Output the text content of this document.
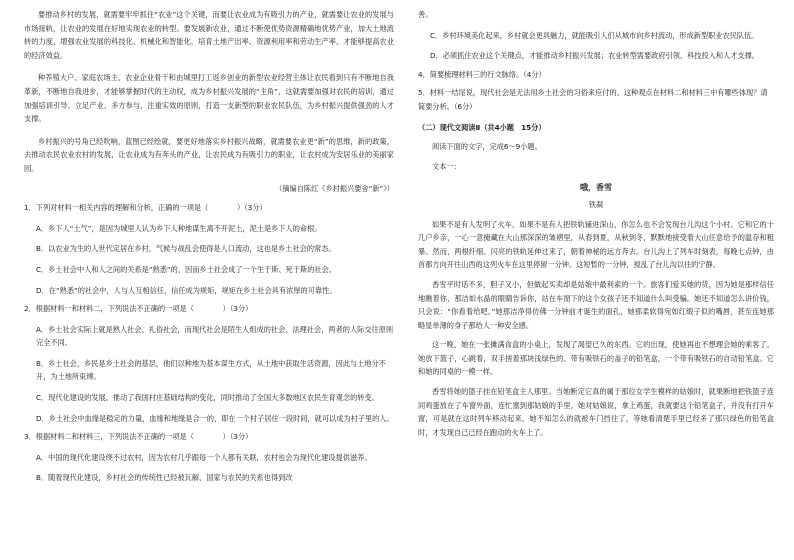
要推动乡村的发展，就需要牢牢抓住“农业”这个关键，而要让农业成为有吸引力的产业，就需要让农业的发展与市场接轨，让农业的发展在好地实现农业的转型。要发展新农业，通过不断使优势资源精确地优势产业，加大土地流转的力度，增强农业发展的科技化、机械化和智能化，培育土地产出率、资源利用率和劳动生产率，才能够提高农业的经济效益。

种养殖大户、家庭农场主、农业企业骨干和由城里打工返乡创业的新型农业经营主体让农民看到只有不断地自我革新，不断地自我进步，才能够掌握时代的主动权，成为乡村振兴发展的“主角”，这就需要加强对农民的培训，通过加强培训引导、立足产业、多方参与，注重实效的原则，打造一支新型的职业农民队伍，为乡村振兴提供强劲的人才支撑。

乡村振兴的号角已经吹响，蓝图已经绘就，要更好地落实乡村振兴战略，就需要农业更“新”的思维，新的政策，去推动农民农业农村的发展，让农业成为有奔头的产业，让农民成为有吸引力的职业，让农村成为安居乐业的美丽家园。

（摘编自陈红《乡村振兴要舍“新”》）

1．下列对材料一相关内容的理解和分析，正确的一项是（　　　　）（3分）

A．乡下人“土气”，是因为城里人认为乡下人种地谋生离不开泥土，泥土是乡下人的命根。

B．以农业为生的人世代定居在乡村，气候与战乱会使得是人口流动，这也是乡土社会的常态。

C．乡土社会中人和人之间的关系是“熟悉”的，因而乡土社会成了一个生于斯、死于斯的社会。

D．在“熟悉”的社会中，人与人互相信任，信任成为规矩，规矩在乡土社会具有浓厚的可靠性。

2．根据材料一和材料二，下列说法不正确的一项是（　　　　）（3分）

A．乡土社会实际上就是熟人社会、礼俗社会，而现代社会是陌生人组成的社会、法理社会，两者的人际交往原则完全不同。

B．乡土社会，乡民是乡土社会的基层，他们以种地为基本谋生方式，从土地中获取生活资源，因此与土地分不开，为土地所束缚。

C．现代化建设的发展，推动了我国村庄基础结构的变化，同时推动了全国大多数地区农民生育观念的转变。

D．乡土社会中血缘是稳定的力量，血缘和地缘是合一的，即在一个村子居住一段时间，就可以成为村子里的人。

3．根据材料二和材料三，下列说法不正确的一项是（　　　　）（3分）

A．中国的现代化建设绕不过农村，因为农村几乎跟每一个人都有关联，农村也会为现代化建设提供滋养。

B．随着现代化建设，乡村社会的传统性已经被瓦解，国家与农民的关系也得到改

善。

C．乡村环境美化起来，乡村就会更具魅力，就能吸引人们从城市向乡村流动，形成新型职业农民队伍。

D．必须抓住农业这个关键点，才能推动乡村振兴发展；农业转型需要政府引领、科技投入和人才支撑。

4．简要梳理材料三的行文脉络。（4分）

5．材料一结尾说，现代社会是无法用乡土社会的习俗来应付的。这种观点在材料二和材料三中有哪些体现？请简要分析。（6分）

（二）现代文阅读Ⅱ（共4小题　15分）

阅读下面的文字，完成6～9小题。

文本一：

哦，香雪

铁凝

如果不是有人发明了火车，如果不是有人把铁轨铺进深山，你怎么也不会发现台儿沟这个小村。它和它的十几户乡亲，一心一意掩藏在大山那深深的皱褶里，从春到夏，从秋到冬，默默地接受着大山任意给予的温存和粗暴。然而，两根纤细、闪亮的铁轨延伸过来了，朝着神秘的远方奔去。台儿沟上了列车时刻表，每晚七点钟，由首都方向开往山西的这列火车在这里停留一分钟。这短暂的一分钟，搅乱了台儿沟以往的宁静。

香雪平时话不多，胆子又小，但做起买卖却是姑娘中最利索的一个。旅客们爱买她的货，因为她是那样信任地瞧着你，那洁如水晶的眼睛告诉你，站在车窗下的这个女孩子还不知道什么叫受骗。她还不知道怎么讲价钱，只会说：“你看着给吧。”她那洁净得仿佛一分钟前才诞生的面孔，她那柔软得宛如红缎子似的嘴唇，甚至连她那略显单薄的身子都给人一种安全感。

这一晚，她在一张摊满食盒的小桌上，发现了渴望已久的东西。它的出现，使她再也不想理会她的乘客了。她放下篮子，心跳着，双手搓着那块浅绿色的、带有吸铁石的盖子的铅笔盒，一个带有吸铁石的自动铅笔盒。它和她的同桌的一模一样。

香雪将她的篮子挂在铅笔盒主人那里。当她断定它真的属于那位女学生模样的姑娘时，就果断地把铁篮子连同鸡蛋放在了车窗外面，连忙塞到那姑娘的手里。她对姑娘说，拿上鸡蛋，我就要这个铅笔盒子，并没有打开车窗，可是就在这时列车移动起来，她不知怎么的就被车门挡住了，等她看清楚手里已经多了那只绿色的铅笔盒时，才发现自己已经在跑动的火车上了。
